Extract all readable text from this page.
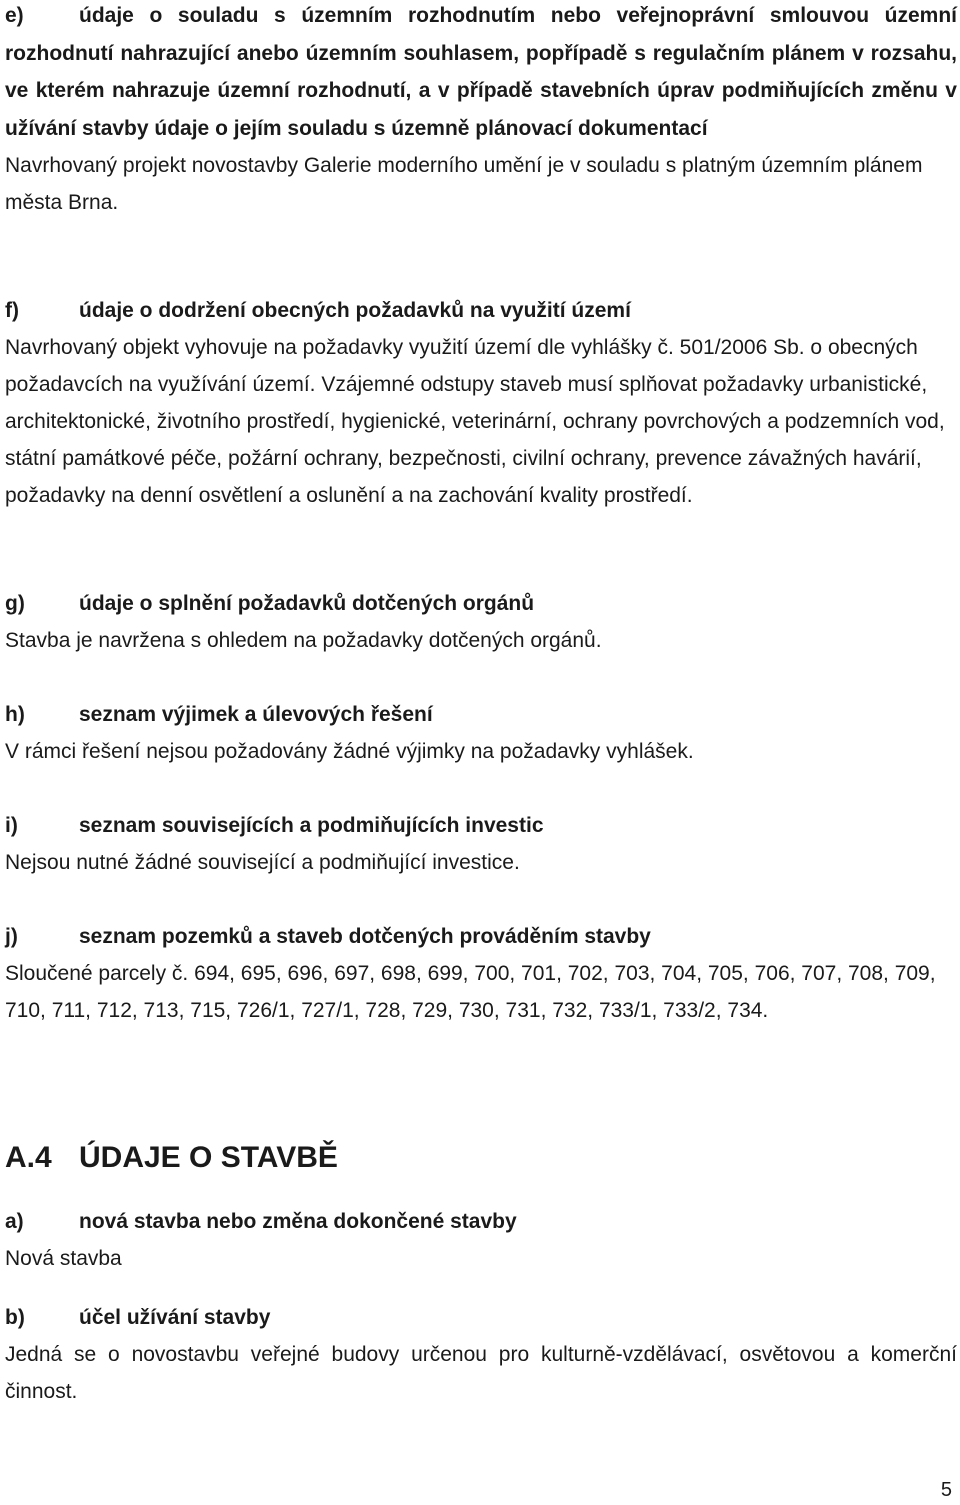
e)	údaje o souladu s územním rozhodnutím nebo veřejnoprávní smlouvou územní rozhodnutí nahrazující anebo územním souhlasem, popřípadě s regulačním plánem v rozsahu, ve kterém nahrazuje územní rozhodnutí, a v případě stavebních úprav podmiňujících změnu v užívání stavby údaje o jejím souladu s územně plánovací dokumentací

Navrhovaný projekt novostavby Galerie moderního umění je v souladu s platným územním plánem města Brna.

f)	údaje o dodržení obecných požadavků na využití území

Navrhovaný objekt vyhovuje na požadavky využití území dle vyhlášky č. 501/2006 Sb. o obecných požadavcích na využívání území. Vzájemné odstupy staveb musí splňovat požadavky urbanistické, architektonické, životního prostředí, hygienické, veterinární, ochrany povrchových a podzemních vod, státní památkové péče, požární ochrany, bezpečnosti, civilní ochrany, prevence závažných havárií, požadavky na denní osvětlení a oslunění a na zachování kvality prostředí.

g)	údaje o splnění požadavků dotčených orgánů

Stavba je navržena s ohledem na požadavky dotčených orgánů.

h)	seznam výjimek a úlevových řešení

V rámci řešení nejsou požadovány žádné výjimky na požadavky vyhlášek.

i)	seznam souvisejících a podmiňujících investic

Nejsou nutné žádné související a podmiňující investice.

j)	seznam pozemků a staveb dotčených prováděním stavby

Sloučené parcely č. 694, 695, 696, 697, 698, 699, 700, 701, 702, 703, 704, 705, 706, 707, 708, 709, 710, 711, 712, 713, 715, 726/1, 727/1, 728, 729, 730, 731, 732, 733/1, 733/2, 734.

A.4 ÚDAJE O STAVBĚ
a)	nová stavba nebo změna dokončené stavby

Nová stavba

b)	účel užívání stavby

Jedná se o novostavbu veřejné budovy určenou pro kulturně-vzdělávací, osvětovou a komerční činnost.

5
